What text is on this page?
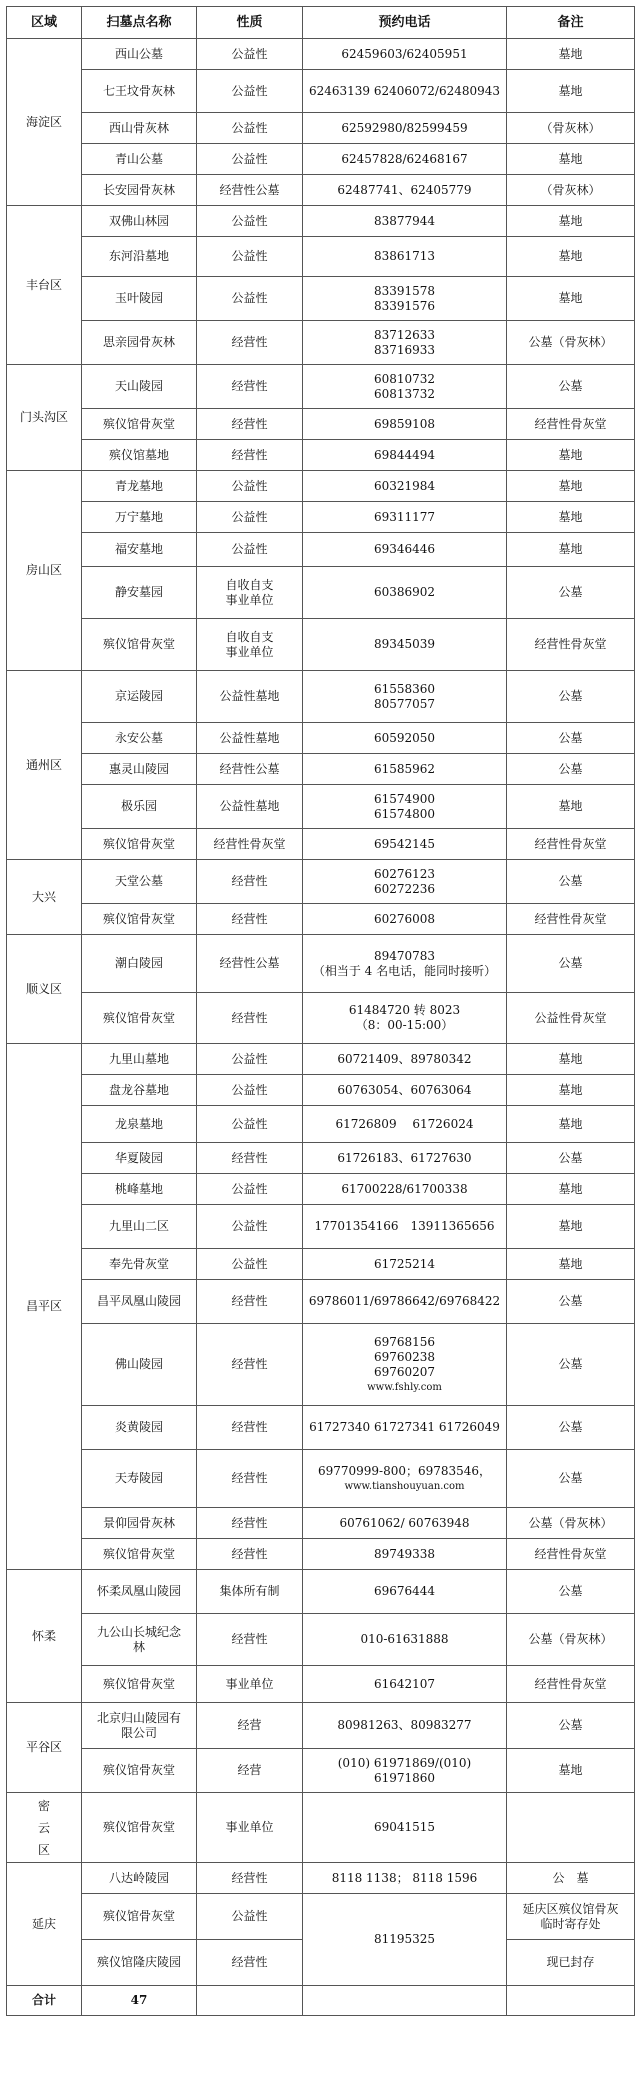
区域	扫墓点名称	性质	预约电话	备注
海淀区	西山公墓	公益性	62459603/62405951	墓地

	七王坟骨灰林	公益性	62463139 62406072/62480943	墓地

	西山骨灰林	公益性	62592980/82599459	（骨灰林）

	青山公墓	公益性	62457828/62468167	墓地

	长安园骨灰林	经营性公墓	62487741、62405779	（骨灰林）

丰台区	双佛山林园	公益性	83877944	墓地

	东河沿墓地	公益性	83861713	墓地

	玉叶陵园	公益性	83391578
83391576	墓地

	思亲园骨灰林	经营性	83712633
83716933	公墓（骨灰林）

门头沟区	天山陵园	经营性	60810732
60813732	公墓

	殡仪馆骨灰堂	经营性	69859108	经营性骨灰堂

	殡仪馆墓地	经营性	69844494	墓地

房山区	青龙墓地	公益性	60321984	墓地

	万宁墓地	公益性	69311177	墓地

	福安墓地	公益性	69346446	墓地

	静安墓园	自收自支
事业单位	60386902	公墓

	殡仪馆骨灰堂	自收自支
事业单位	89345039	经营性骨灰堂

通州区	京运陵园	公益性墓地	61558360
80577057	公墓

	永安公墓	公益性墓地	60592050	公墓

	惠灵山陵园	经营性公墓	61585962	公墓

	极乐园	公益性墓地	61574900
61574800	墓地

	殡仪馆骨灰堂	经营性骨灰堂	69542145	经营性骨灰堂

大兴	天堂公墓	经营性	60276123
60272236	公墓

	殡仪馆骨灰堂	经营性	60276008	经营性骨灰堂

顺义区	潮白陵园	经营性公墓	89470783
（相当于 4 名电话，能同时接听）	公墓

	殡仪馆骨灰堂	经营性	61484720 转 8023
（8：00-15:00）	公益性骨灰堂

昌平区	九里山墓地	公益性	60721409、89780342	墓地

	盘龙谷墓地	公益性	60763054、60763064	墓地

	龙泉墓地	公益性	61726809　 61726024	墓地

	华夏陵园	经营性	61726183、61727630	公墓

	桃峰墓地	公益性	61700228/61700338	墓地

	九里山二区	公益性	17701354166　13911365656	墓地

	奉先骨灰堂	公益性	61725214	墓地

	昌平凤凰山陵园	经营性	69786011/69786642/69768422	公墓

	佛山陵园	经营性	69768156
69760238
69760207
www.fshly.com	公墓

	炎黄陵园	经营性	61727340 61727341 61726049	公墓

	天寿陵园	经营性	69770999-800；69783546，
www.tianshouyuan.com	公墓

	景仰园骨灰林	经营性	60761062/ 60763948	公墓（骨灰林）

	殡仪馆骨灰堂	经营性	89749338	经营性骨灰堂

怀柔	怀柔凤凰山陵园	集体所有制	69676444	公墓

	九公山长城纪念
林	经营性	010-61631888	公墓（骨灰林）

	殡仪馆骨灰堂	事业单位	61642107	经营性骨灰堂

平谷区	北京归山陵园有
限公司	经营	80981263、80983277	公墓

	殡仪馆骨灰堂	经营	(010) 61971869/(010) 61971860	墓地

密
云
区	殡仪馆骨灰堂	事业单位	69041515	

延庆	八达岭陵园	经营性	8118 1138； 8118 1596	公　墓

	殡仪馆骨灰堂	公益性	81195325	延庆区殡仪馆骨灰
临时寄存处

	殡仪馆隆庆陵园	经营性		现已封存

合计	47			
